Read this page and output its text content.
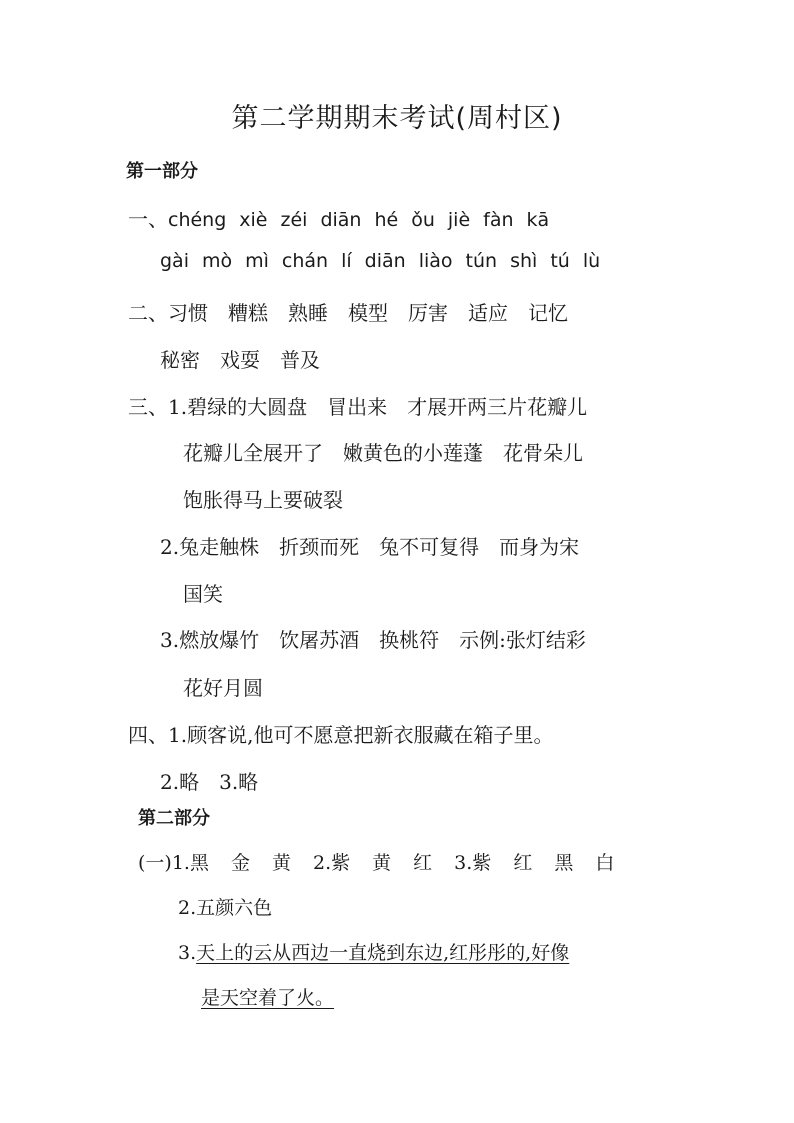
第二学期期末考试(周村区)
第一部分
一、chéng xiè zéi diān hé ǒu jiè fàn kā
gài mò mì chán lí diān liào tún shì tú lù
二、习惯 糟糕 熟睡 模型 厉害 适应 记忆
秘密 戏耍 普及
三、1.碧绿的大圆盘 冒出来 才展开两三片花瓣儿
花瓣儿全展开了 嫩黄色的小莲蓬 花骨朵儿
饱胀得马上要破裂
2.兔走触株 折颈而死 兔不可复得 而身为宋
国笑
3.燃放爆竹 饮屠苏酒 换桃符 示例:张灯结彩
花好月圆
四、1.顾客说,他可不愿意把新衣服藏在箱子里。
2.略 3.略
第二部分
(一)1.黑 金 黄 2.紫 黄 红 3.紫 红 黑 白
2.五颜六色
3.天上的云从西边一直烧到东边,红彤彤的,好像
是天空着了火。
